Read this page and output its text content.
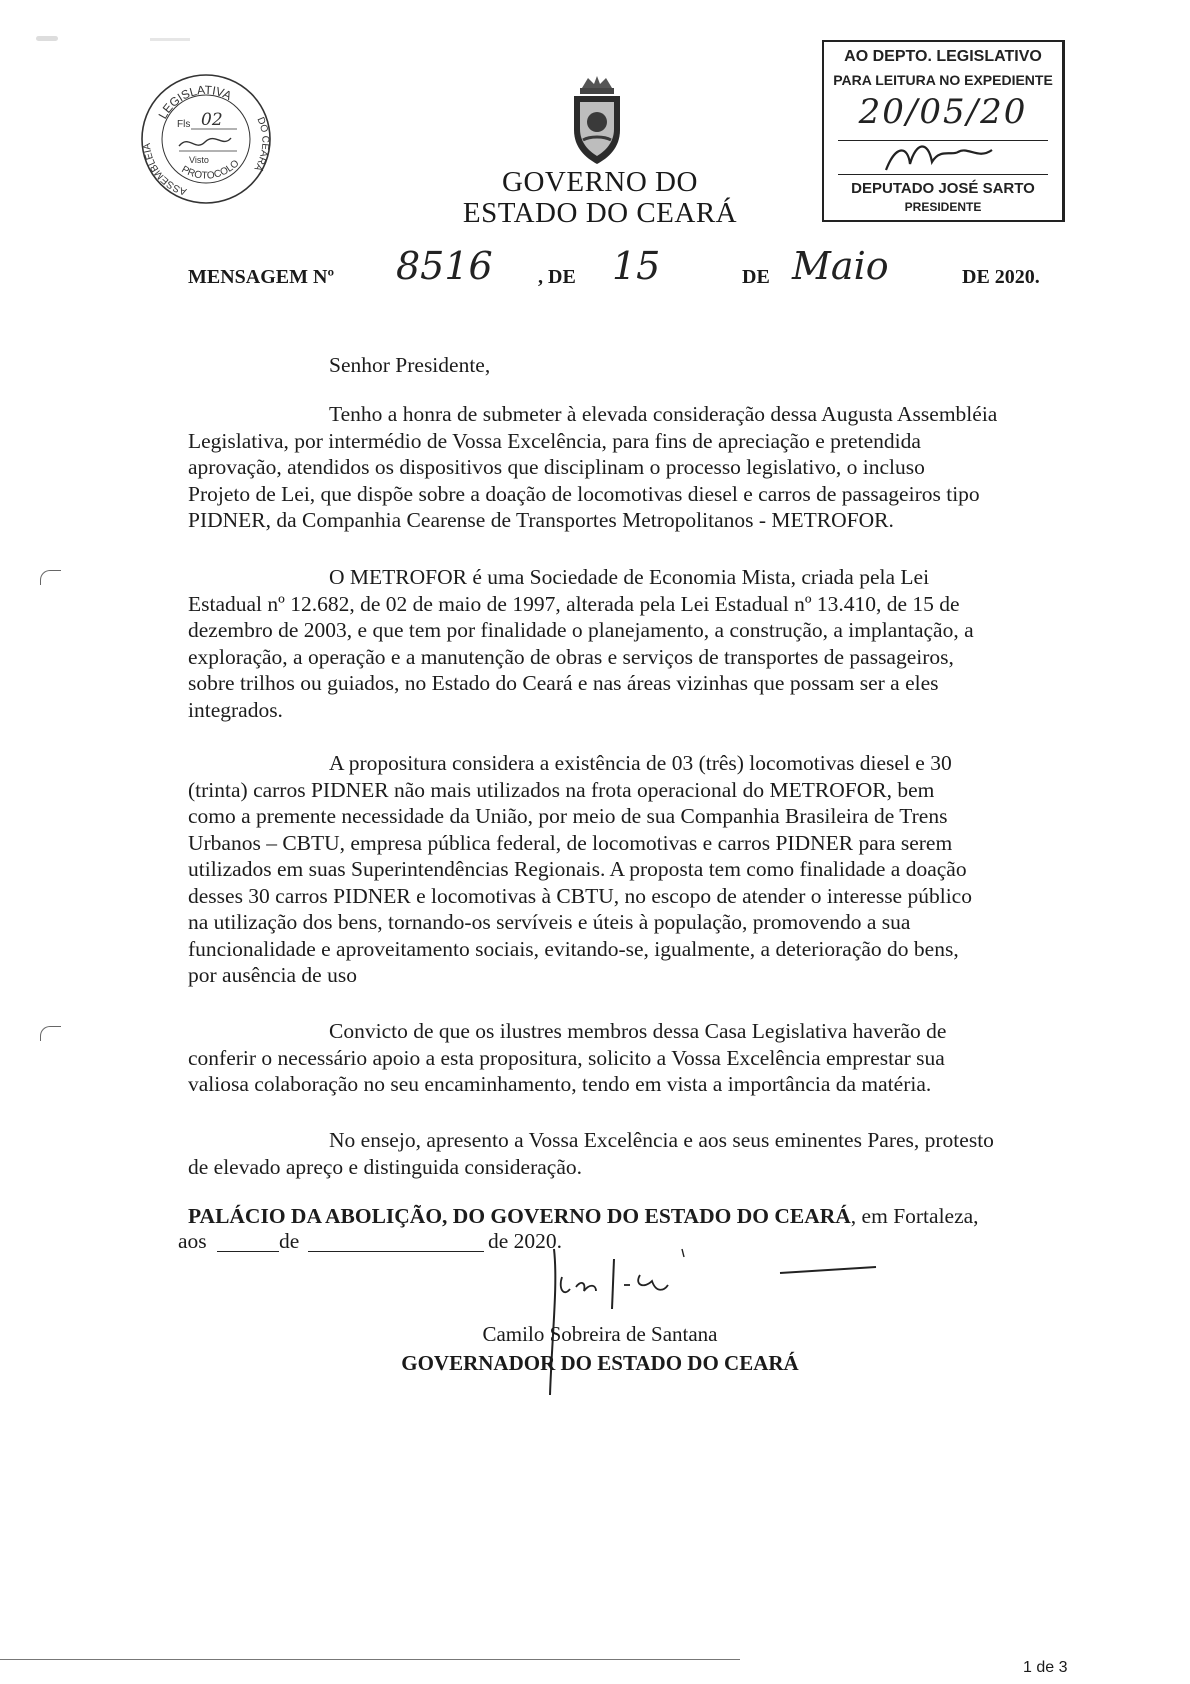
LEGISLATIVA
ASSEMBLEIA
DO CEARÁ
PROTOCOLO
Fls 02
Visto
GOVERNO DO
ESTADO DO CEARÁ
AO DEPTO. LEGISLATIVO
PARA LEITURA NO EXPEDIENTE
20/05/20
DEPUTADO JOSÉ SARTO
PRESIDENTE
MENSAGEM Nº 8516 , DE 15	DE Maio	DE 2020.
Senhor Presidente,
Tenho a honra de submeter à elevada consideração dessa Augusta Assembléia
Legislativa, por intermédio de Vossa Excelência, para fins de apreciação e pretendida
aprovação, atendidos os dispositivos que disciplinam o processo legislativo, o incluso
Projeto de Lei, que dispõe sobre a doação de locomotivas diesel e carros de passageiros tipo
PIDNER, da Companhia Cearense de Transportes Metropolitanos - METROFOR.
O METROFOR é uma Sociedade de Economia Mista, criada pela Lei
Estadual nº 12.682, de 02 de maio de 1997, alterada pela Lei Estadual nº 13.410, de 15 de
dezembro de 2003, e que tem por finalidade o planejamento, a construção, a implantação, a
exploração, a operação e a manutenção de obras e serviços de transportes de passageiros,
sobre trilhos ou guiados, no Estado do Ceará e nas áreas vizinhas que possam ser a eles
integrados.
A propositura considera a existência de 03 (três) locomotivas diesel e 30
(trinta) carros PIDNER não mais utilizados na frota operacional do METROFOR, bem
como a premente necessidade da União, por meio de sua Companhia Brasileira de Trens
Urbanos – CBTU, empresa pública federal, de locomotivas e carros PIDNER para serem
utilizados em suas Superintendências Regionais. A proposta tem como finalidade a doação
desses 30 carros PIDNER e locomotivas à CBTU, no escopo de atender o interesse público
na utilização dos bens, tornando-os servíveis e úteis à população, promovendo a sua
funcionalidade e aproveitamento sociais, evitando-se, igualmente, a deterioração do bens,
por ausência de uso
Convicto de que os ilustres membros dessa Casa Legislativa haverão de
conferir o necessário apoio a esta propositura, solicito a Vossa Excelência emprestar sua
valiosa colaboração no seu encaminhamento, tendo em vista a importância da matéria.
No ensejo, apresento a Vossa Excelência e aos seus eminentes Pares, protesto
de elevado apreço e distinguida consideração.
PALÁCIO DA ABOLIÇÃO, DO GOVERNO DO ESTADO DO CEARÁ, em Fortaleza,
aos	de	de 2020.
Camilo Sobreira de Santana
GOVERNADOR DO ESTADO DO CEARÁ
1 de 3
